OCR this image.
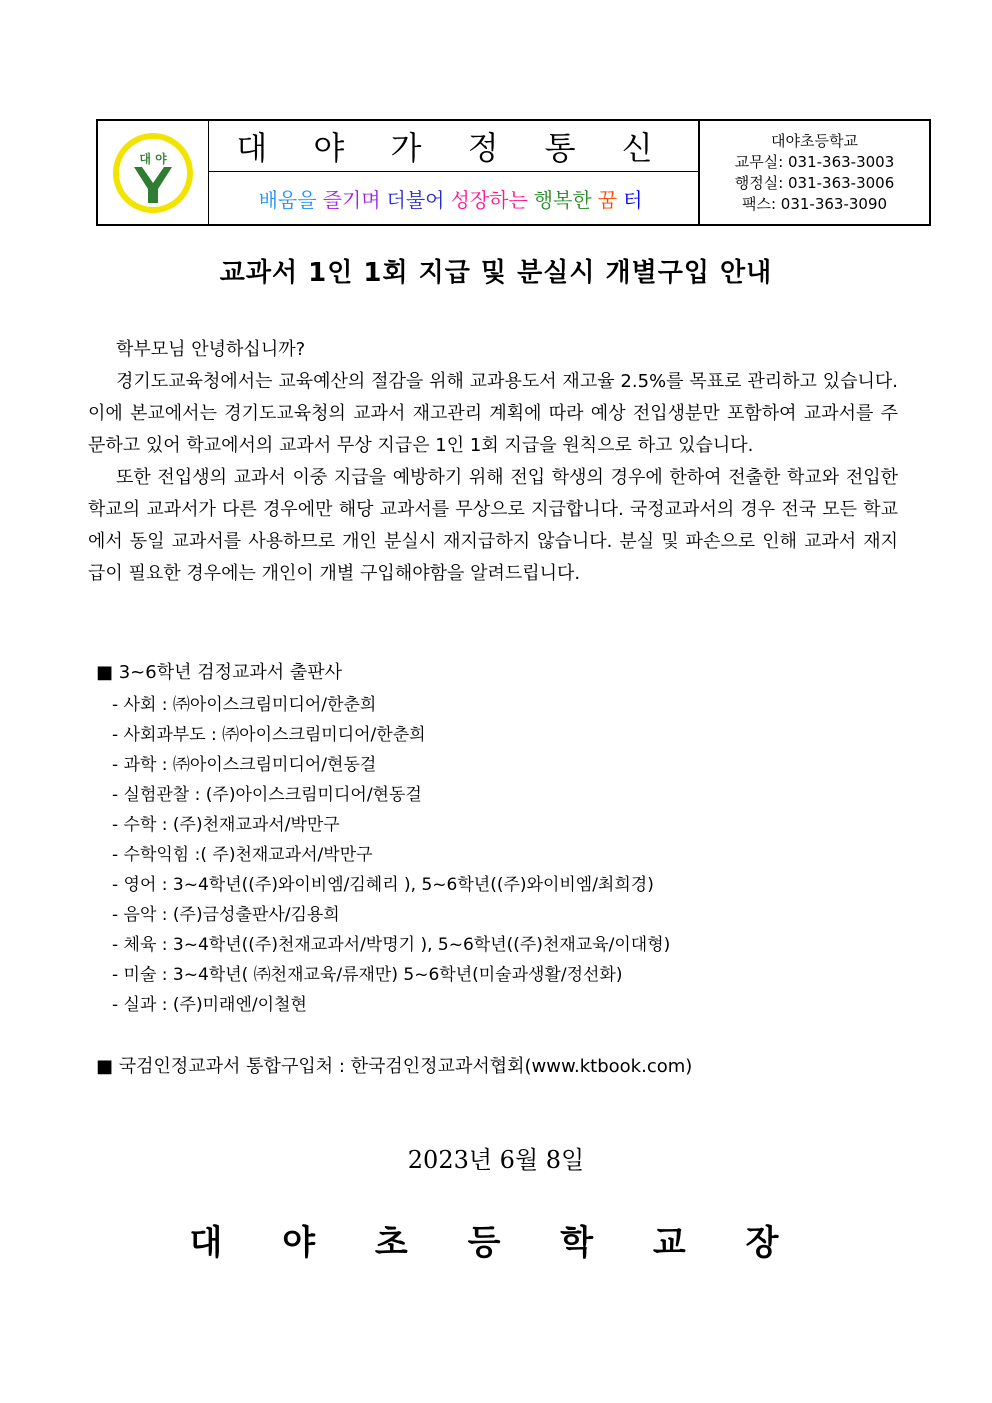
대 야	대 야 가 정 통 신
배움을 즐기며 더불어 성장하는 행복한 꿈 터
대야초등학교
교무실: 031-363-3003
행정실: 031-363-3006
팩스: 031-363-3090
교과서 1인 1회 지급 및 분실시 개별구입 안내

학부모님 안녕하십니까?

경기도교육청에서는 교육예산의 절감을 위해 교과용도서 재고율 2.5%를 목표로 관리하고 있습니다. 이에 본교에서는 경기도교육청의 교과서 재고관리 계획에 따라 예상 전입생분만 포함하여 교과서를 주문하고 있어 학교에서의 교과서 무상 지급은 1인 1회 지급을 원칙으로 하고 있습니다.

또한 전입생의 교과서 이중 지급을 예방하기 위해 전입 학생의 경우에 한하여 전출한 학교와 전입한 학교의 교과서가 다른 경우에만 해당 교과서를 무상으로 지급합니다. 국정교과서의 경우 전국 모든 학교에서 동일 교과서를 사용하므로 개인 분실시 재지급하지 않습니다. 분실 및 파손으로 인해 교과서 재지급이 필요한 경우에는 개인이 개별 구입해야함을 알려드립니다.

■ 3~6학년 검정교과서 출판사
- 사회 : ㈜아이스크림미디어/한춘희
- 사회과부도 : ㈜아이스크림미디어/한춘희
- 과학 : ㈜아이스크림미디어/현동걸
- 실험관찰 : (주)아이스크림미디어/현동걸
- 수학 : (주)천재교과서/박만구
- 수학익힘 :( 주)천재교과서/박만구
- 영어 : 3~4학년((주)와이비엠/김혜리 ), 5~6학년((주)와이비엠/최희경)
- 음악 : (주)금성출판사/김용희
- 체육 : 3~4학년((주)천재교과서/박명기 ), 5~6학년((주)천재교육/이대형)
- 미술 : 3~4학년( ㈜천재교육/류재만) 5~6학년(미술과생활/정선화)
- 실과 : (주)미래엔/이철현
■ 국검인정교과서 통합구입처 : 한국검인정교과서협회(www.ktbook.com)
2023년 6월 8일
대 야 초 등 학 교 장
